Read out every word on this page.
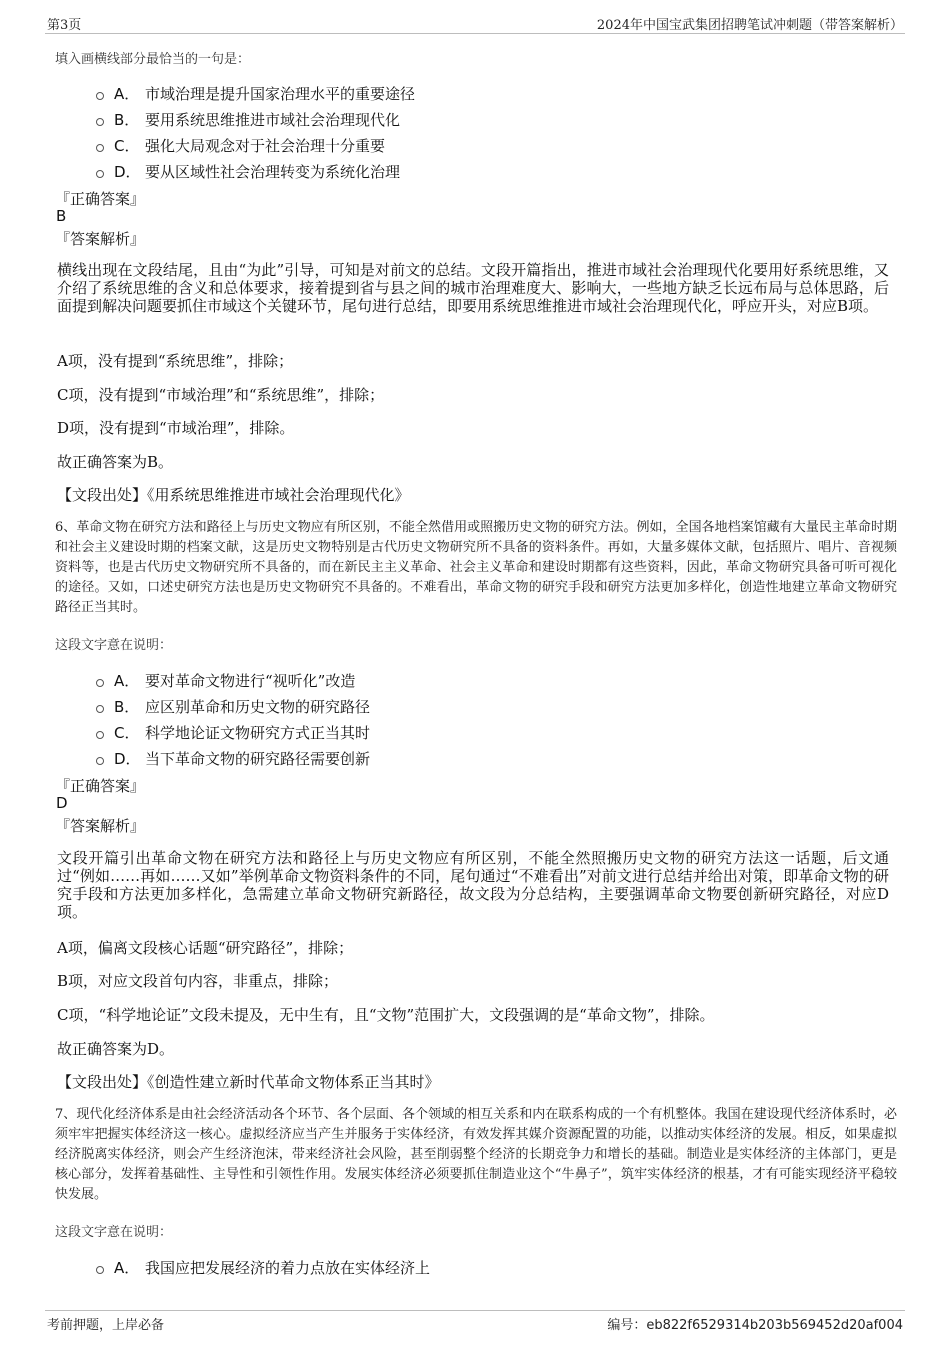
第3页	2024年中国宝武集团招聘笔试冲刺题（带答案解析）
填入画横线部分最恰当的一句是：
A． 市域治理是提升国家治理水平的重要途径
B． 要用系统思维推进市域社会治理现代化
C． 强化大局观念对于社会治理十分重要
D． 要从区域性社会治理转变为系统化治理
『正确答案』
B
『答案解析』
横线出现在文段结尾，且由“为此”引导，可知是对前文的总结。文段开篇指出，推进市域社会治理现代化要用好系统思维，又介绍了系统思维的含义和总体要求，接着提到省与县之间的城市治理难度大、影响大，一些地方缺乏长远布局与总体思路，后面提到解决问题要抓住市域这个关键环节，尾句进行总结，即要用系统思维推进市域社会治理现代化，呼应开头，对应B项。
A项，没有提到“系统思维”，排除；
C项，没有提到“市域治理”和“系统思维”，排除；
D项，没有提到“市域治理”，排除。
故正确答案为B。
【文段出处】《用系统思维推进市域社会治理现代化》
6、革命文物在研究方法和路径上与历史文物应有所区别，不能全然借用或照搬历史文物的研究方法。例如，全国各地档案馆藏有大量民主革命时期和社会主义建设时期的档案文献，这是历史文物特别是古代历史文物研究所不具备的资料条件。再如，大量多媒体文献，包括照片、唱片、音视频资料等，也是古代历史文物研究所不具备的，而在新民主主义革命、社会主义革命和建设时期都有这些资料，因此，革命文物研究具备可听可视化的途径。又如，口述史研究方法也是历史文物研究不具备的。不难看出，革命文物的研究手段和研究方法更加多样化，创造性地建立革命文物研究路径正当其时。
这段文字意在说明：
A． 要对革命文物进行“视听化”改造
B． 应区别革命和历史文物的研究路径
C． 科学地论证文物研究方式正当其时
D． 当下革命文物的研究路径需要创新
『正确答案』
D
『答案解析』
文段开篇引出革命文物在研究方法和路径上与历史文物应有所区别，不能全然照搬历史文物的研究方法这一话题，后文通过“例如……再如……又如”举例革命文物资料条件的不同，尾句通过“不难看出”对前文进行总结并给出对策，即革命文物的研究手段和方法更加多样化，急需建立革命文物研究新路径，故文段为分总结构，主要强调革命文物要创新研究路径，对应D项。
A项，偏离文段核心话题“研究路径”，排除；
B项，对应文段首句内容，非重点，排除；
C项，“科学地论证”文段未提及，无中生有，且“文物”范围扩大，文段强调的是“革命文物”，排除。
故正确答案为D。
【文段出处】《创造性建立新时代革命文物体系正当其时》
7、现代化经济体系是由社会经济活动各个环节、各个层面、各个领域的相互关系和内在联系构成的一个有机整体。我国在建设现代经济体系时，必须牢牢把握实体经济这一核心。虚拟经济应当产生并服务于实体经济，有效发挥其媒介资源配置的功能，以推动实体经济的发展。相反，如果虚拟经济脱离实体经济，则会产生经济泡沫，带来经济社会风险，甚至削弱整个经济的长期竞争力和增长的基础。制造业是实体经济的主体部门，更是核心部分，发挥着基础性、主导性和引领性作用。发展实体经济必须要抓住制造业这个“牛鼻子”，筑牢实体经济的根基，才有可能实现经济平稳较快发展。
这段文字意在说明：
A． 我国应把发展经济的着力点放在实体经济上
考前押题，上岸必备	编号：eb822f6529314b203b569452d20af004
